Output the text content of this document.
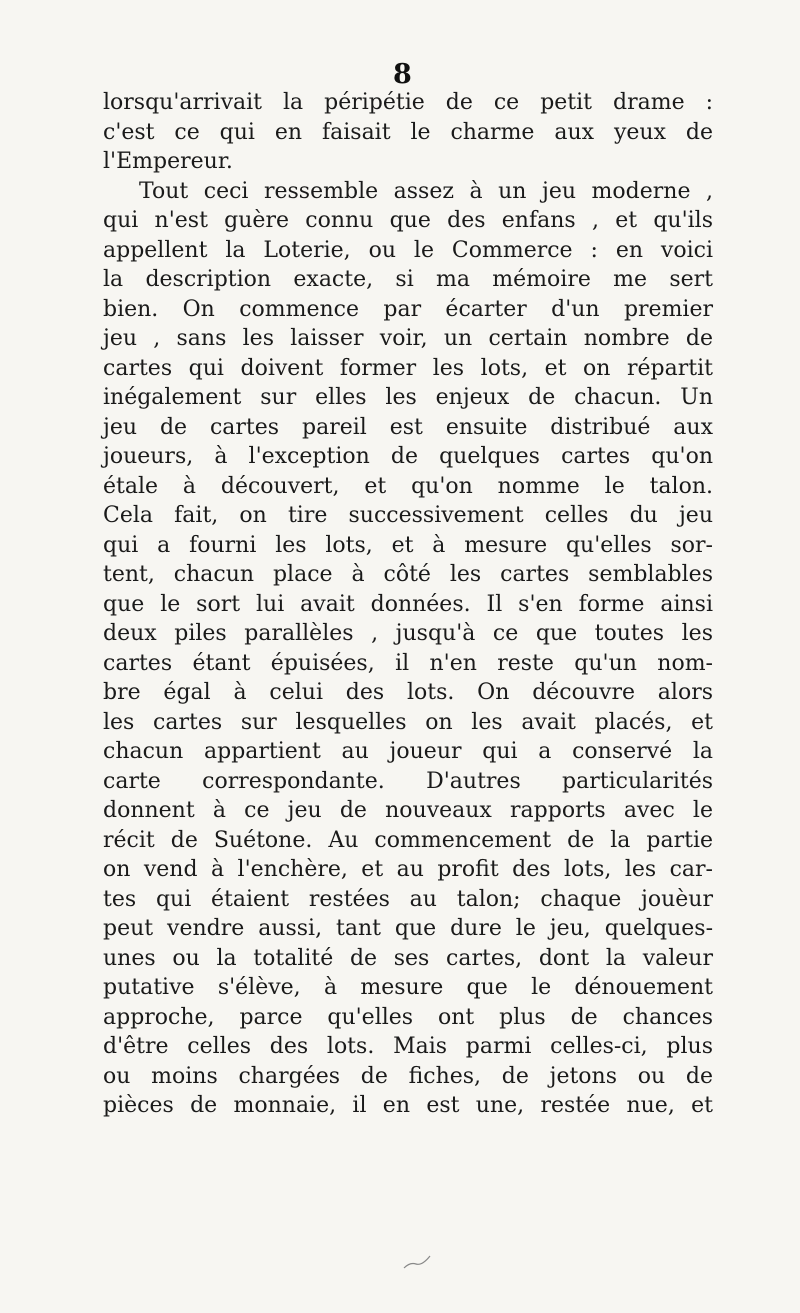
8
lorsqu'arrivait la péripétie de ce petit drame :
c'est ce qui en faisait le charme aux yeux de
l'Empereur.
Tout ceci ressemble assez à un jeu moderne ,
qui n'est guère connu que des enfans , et qu'ils
appellent la Loterie, ou le Commerce : en voici
la description exacte, si ma mémoire me sert
bien. On commence par écarter d'un premier
jeu , sans les laisser voir, un certain nombre de
cartes qui doivent former les lots, et on répartit
inégalement sur elles les enjeux de chacun. Un
jeu de cartes pareil est ensuite distribué aux
joueurs, à l'exception de quelques cartes qu'on
étale à découvert, et qu'on nomme le talon.
Cela fait, on tire successivement celles du jeu
qui a fourni les lots, et à mesure qu'elles sor-
tent, chacun place à côté les cartes semblables
que le sort lui avait données. Il s'en forme ainsi
deux piles parallèles , jusqu'à ce que toutes les
cartes étant épuisées, il n'en reste qu'un nom-
bre égal à celui des lots. On découvre alors
les cartes sur lesquelles on les avait placés, et
chacun appartient au joueur qui a conservé la
carte correspondante. D'autres particularités
donnent à ce jeu de nouveaux rapports avec le
récit de Suétone. Au commencement de la partie
on vend à l'enchère, et au profit des lots, les car-
tes qui étaient restées au talon; chaque jouèur
peut vendre aussi, tant que dure le jeu, quelques-
unes ou la totalité de ses cartes, dont la valeur
putative s'élève, à mesure que le dénouement
approche, parce qu'elles ont plus de chances
d'être celles des lots. Mais parmi celles-ci, plus
ou moins chargées de fiches, de jetons ou de
pièces de monnaie, il en est une, restée nue, et
